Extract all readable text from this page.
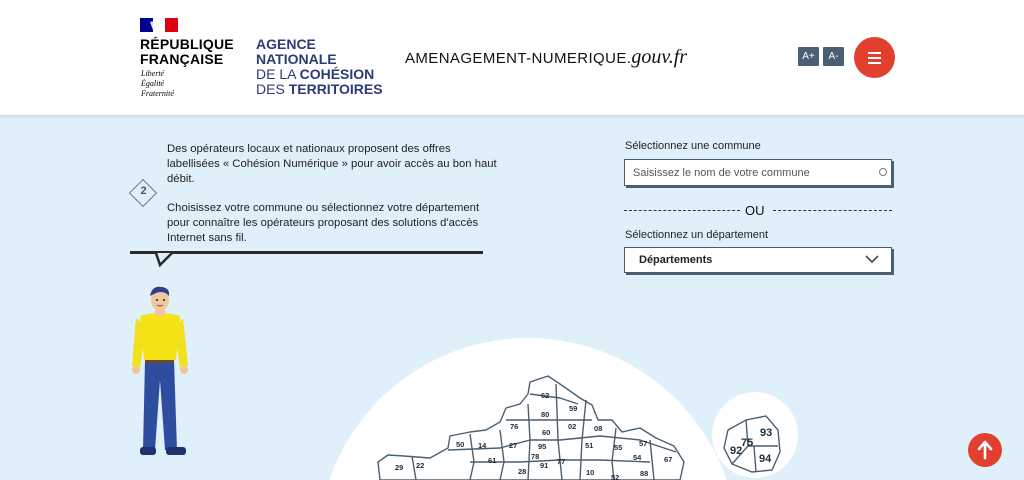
RÉPUBLIQUE
FRANÇAISE
Liberté
Égalité
Fraternité
AGENCE
NATIONALE
DE LA COHÉSION
DES TERRITOIRES
AMENAGEMENT-NUMERIQUE.gouv.fr	A+	A-
Des opérateurs locaux et nationaux proposent des offres labellisées « Cohésion Numérique » pour avoir accès au bon haut débit.
Choisissez votre commune ou sélectionnez votre département pour connaître les opérateurs proposant des solutions d'accès Internet sans fil.
2
Sélectionnez une commune
Saisissez le nom de votre commune
OU
Sélectionnez un département
Départements
62
59
80
76	02 08
60
50 14	27	95	51	55 57
78
91 77	54	67
29 22
61
28	10
52	88
93
75
92
94
